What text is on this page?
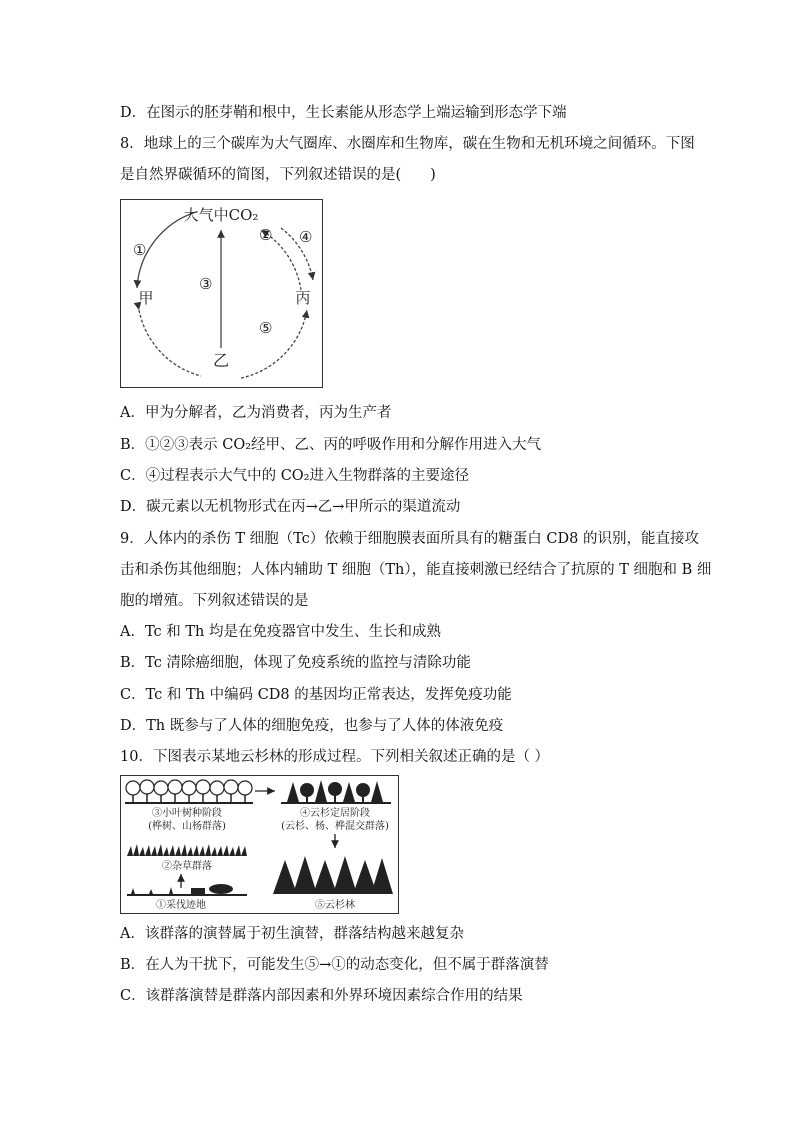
D．在图示的胚芽鞘和根中，生长素能从形态学上端运输到形态学下端
8．地球上的三个碳库为大气圈库、水圈库和生物库，碳在生物和无机环境之间循环。下图
是自然界碳循环的简图，下列叙述错误的是(　　)
大气中CO₂
甲	丙
乙
①
②
③
④
⑤
A．甲为分解者，乙为消费者，丙为生产者
B．①②③表示 CO₂经甲、乙、丙的呼吸作用和分解作用进入大气
C．④过程表示大气中的 CO₂进入生物群落的主要途径
D．碳元素以无机物形式在丙→乙→甲所示的渠道流动
9．人体内的杀伤 T 细胞（Tc）依赖于细胞膜表面所具有的糖蛋白 CD8 的识别，能直接攻
击和杀伤其他细胞；人体内辅助 T 细胞（Th），能直接刺激已经结合了抗原的 T 细胞和 B 细
胞的增殖。下列叙述错误的是
A．Tc 和 Th 均是在免疫器官中发生、生长和成熟
B．Tc 清除癌细胞，体现了免疫系统的监控与清除功能
C．Tc 和 Th 中编码 CD8 的基因均正常表达，发挥免疫功能
D．Th 既参与了人体的细胞免疫，也参与了人体的体液免疫
10．下图表示某地云杉林的形成过程。下列相关叙述正确的是（ ）
③小叶树种阶段
(桦树、山杨群落)
④云杉定居阶段
(云杉、杨、桦混交群落)
②杂草群落
①采伐迹地	⑤云杉林
A．该群落的演替属于初生演替，群落结构越来越复杂
B．在人为干扰下，可能发生⑤→①的动态变化，但不属于群落演替
C．该群落演替是群落内部因素和外界环境因素综合作用的结果
